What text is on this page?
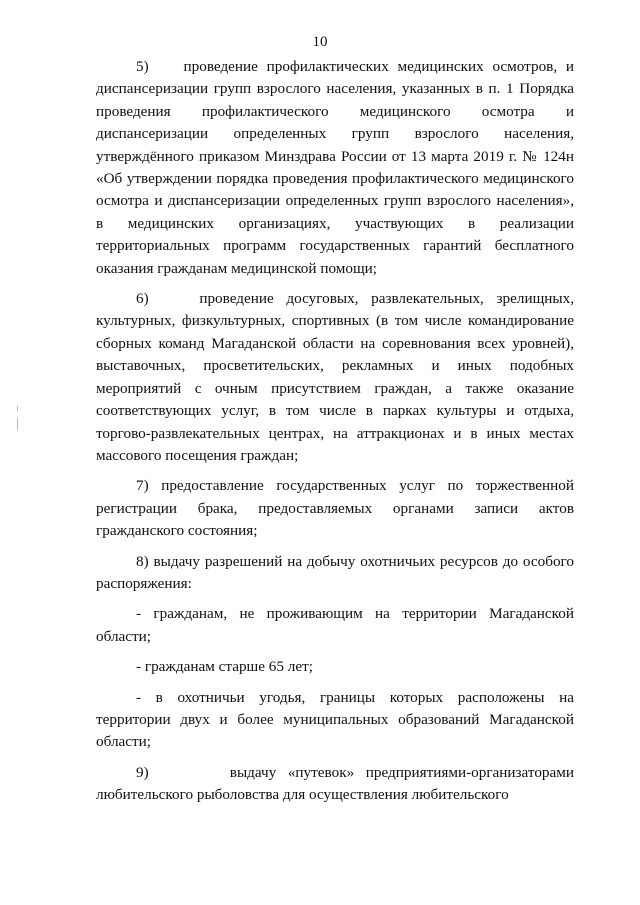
10

5)    проведение профилактических медицинских осмотров, и диспансеризации групп взрослого населения, указанных в п. 1 Порядка проведения профилактического медицинского осмотра и диспансеризации определенных групп взрослого населения, утверждённого приказом Минздрава России от 13 марта 2019 г. № 124н «Об утверждении порядка проведения профилактического медицинского осмотра и диспансеризации определенных групп взрослого населения», в медицинских организациях, участвующих в реализации территориальных программ государственных гарантий бесплатного оказания гражданам медицинской помощи;

6)    проведение досуговых, развлекательных, зрелищных, культурных, физкультурных, спортивных (в том числе командирование сборных команд Магаданской области на соревнования всех уровней), выставочных, просветительских, рекламных и иных подобных мероприятий с очным присутствием граждан, а также оказание соответствующих услуг, в том числе в парках культуры и отдыха, торгово-развлекательных центрах, на аттракционах и в иных местах массового посещения граждан;

7) предоставление государственных услуг по торжественной регистрации брака, предоставляемых органами записи актов гражданского состояния;

8) выдачу разрешений на добычу охотничьих ресурсов до особого распоряжения:

- гражданам, не проживающим на территории Магаданской области;

- гражданам старше 65 лет;

- в охотничьи угодья, границы которых расположены на территории двух и более муниципальных образований Магаданской области;

9)       выдачу «путевок» предприятиями-организаторами любительского рыболовства для осуществления любительского
